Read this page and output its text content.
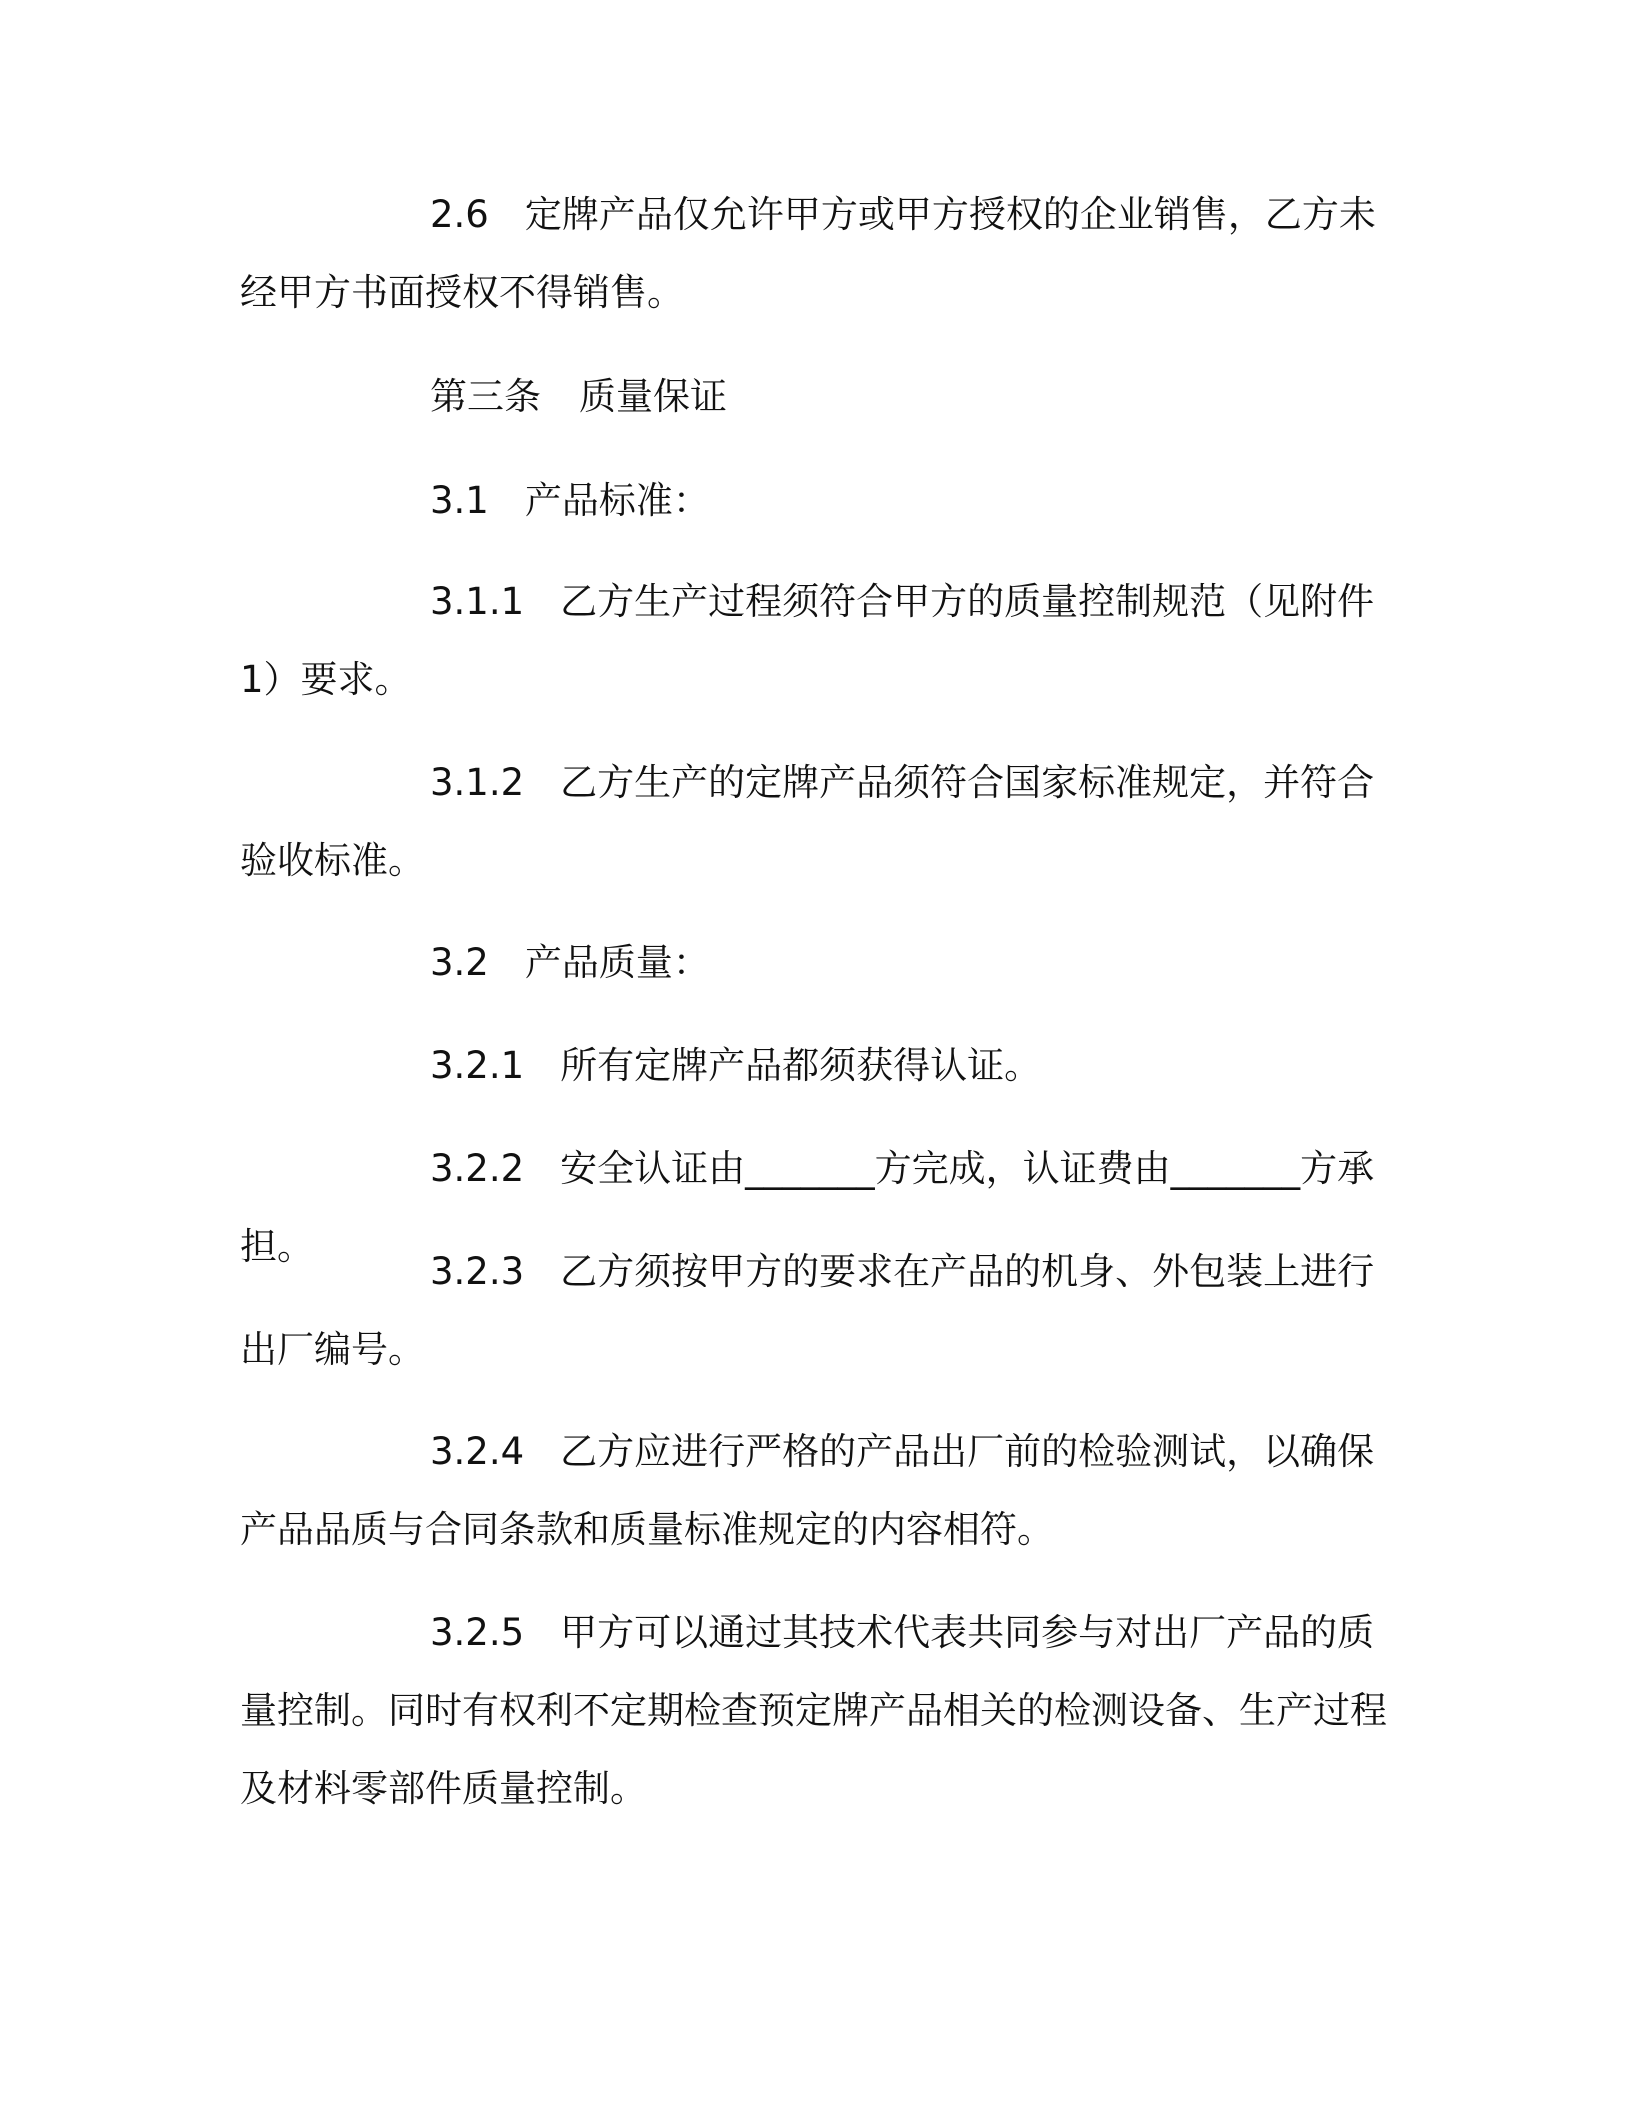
2.6 定牌产品仅允许甲方或甲方授权的企业销售，乙方未经甲方书面授权不得销售。

第三条 质量保证

3.1 产品标准：

3.1.1 乙方生产过程须符合甲方的质量控制规范（见附件 1）要求。

3.1.2 乙方生产的定牌产品须符合国家标准规定，并符合验收标准。

3.2 产品质量：

3.2.1 所有定牌产品都须获得认证。

3.2.2 安全认证由_______方完成，认证费由_______方承担。

3.2.3 乙方须按甲方的要求在产品的机身、外包装上进行出厂编号。

3.2.4 乙方应进行严格的产品出厂前的检验测试，以确保产品品质与合同条款和质量标准规定的内容相符。

3.2.5 甲方可以通过其技术代表共同参与对出厂产品的质量控制。同时有权利不定期检查预定牌产品相关的检测设备、生产过程及材料零部件质量控制。
